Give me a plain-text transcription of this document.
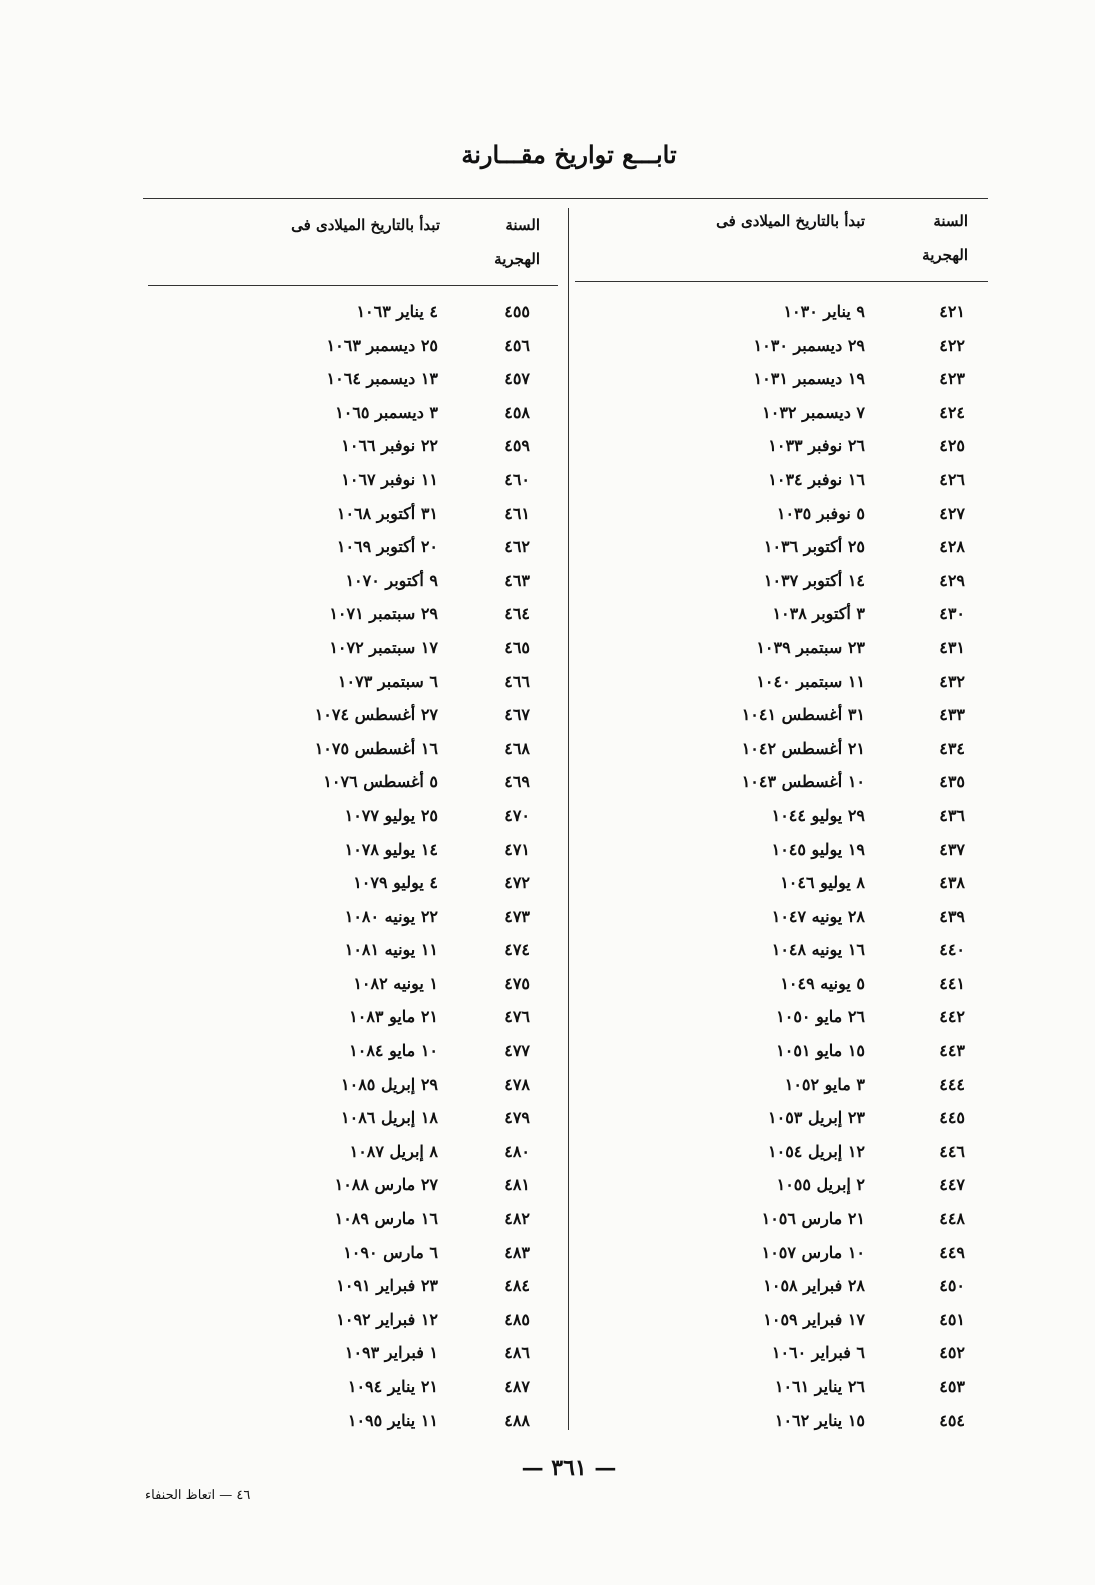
تابـــع تواريخ مقـــارنة
السنة
الهجرية
تبدأ بالتاريخ الميلادى فى
السنة
الهجرية
تبدأ بالتاريخ الميلادى فى
٤٢١
٩ يناير ١٠٣٠
٤٢٢
٢٩ ديسمبر ١٠٣٠
٤٢٣
١٩ ديسمبر ١٠٣١
٤٢٤
٧ ديسمبر ١٠٣٢
٤٢٥
٢٦ نوفبر ١٠٣٣
٤٢٦
١٦ نوفبر ١٠٣٤
٤٢٧
٥ نوفبر ١٠٣٥
٤٢٨
٢٥ أكتوبر ١٠٣٦
٤٢٩
١٤ أكتوبر ١٠٣٧
٤٣٠
٣ أكتوبر ١٠٣٨
٤٣١
٢٣ سبتمبر ١٠٣٩
٤٣٢
١١ سبتمبر ١٠٤٠
٤٣٣
٣١ أغسطس ١٠٤١
٤٣٤
٢١ أغسطس ١٠٤٢
٤٣٥
١٠ أغسطس ١٠٤٣
٤٣٦
٢٩ يوليو ١٠٤٤
٤٣٧
١٩ يوليو ١٠٤٥
٤٣٨
٨ يوليو ١٠٤٦
٤٣٩
٢٨ يونيه ١٠٤٧
٤٤٠
١٦ يونيه ١٠٤٨
٤٤١
٥ يونيه ١٠٤٩
٤٤٢
٢٦ مايو ١٠٥٠
٤٤٣
١٥ مايو ١٠٥١
٤٤٤
٣ مايو ١٠٥٢
٤٤٥
٢٣ إبريل ١٠٥٣
٤٤٦
١٢ إبريل ١٠٥٤
٤٤٧
٢ إبريل ١٠٥٥
٤٤٨
٢١ مارس ١٠٥٦
٤٤٩
١٠ مارس ١٠٥٧
٤٥٠
٢٨ فبراير ١٠٥٨
٤٥١
١٧ فبراير ١٠٥٩
٤٥٢
٦ فبراير ١٠٦٠
٤٥٣
٢٦ يناير ١٠٦١
٤٥٤
١٥ يناير ١٠٦٢
٤٥٥
٤ يناير ١٠٦٣
٤٥٦
٢٥ ديسمبر ١٠٦٣
٤٥٧
١٣ ديسمبر ١٠٦٤
٤٥٨
٣ ديسمبر ١٠٦٥
٤٥٩
٢٢ نوفبر ١٠٦٦
٤٦٠
١١ نوفبر ١٠٦٧
٤٦١
٣١ أكتوبر ١٠٦٨
٤٦٢
٢٠ أكتوبر ١٠٦٩
٤٦٣
٩ أكتوبر ١٠٧٠
٤٦٤
٢٩ سبتمبر ١٠٧١
٤٦٥
١٧ سبتمبر ١٠٧٢
٤٦٦
٦ سبتمبر ١٠٧٣
٤٦٧
٢٧ أغسطس ١٠٧٤
٤٦٨
١٦ أغسطس ١٠٧٥
٤٦٩
٥ أغسطس ١٠٧٦
٤٧٠
٢٥ يوليو ١٠٧٧
٤٧١
١٤ يوليو ١٠٧٨
٤٧٢
٤ يوليو ١٠٧٩
٤٧٣
٢٢ يونيه ١٠٨٠
٤٧٤
١١ يونيه ١٠٨١
٤٧٥
١ يونيه ١٠٨٢
٤٧٦
٢١ مايو ١٠٨٣
٤٧٧
١٠ مايو ١٠٨٤
٤٧٨
٢٩ إبريل ١٠٨٥
٤٧٩
١٨ إبريل ١٠٨٦
٤٨٠
٨ إبريل ١٠٨٧
٤٨١
٢٧ مارس ١٠٨٨
٤٨٢
١٦ مارس ١٠٨٩
٤٨٣
٦ مارس ١٠٩٠
٤٨٤
٢٣ فبراير ١٠٩١
٤٨٥
١٢ فبراير ١٠٩٢
٤٨٦
١ فبراير ١٠٩٣
٤٨٧
٢١ يناير ١٠٩٤
٤٨٨
١١ يناير ١٠٩٥
— ٣٦١ —
٤٦ — اتعاظ الحنفاء
